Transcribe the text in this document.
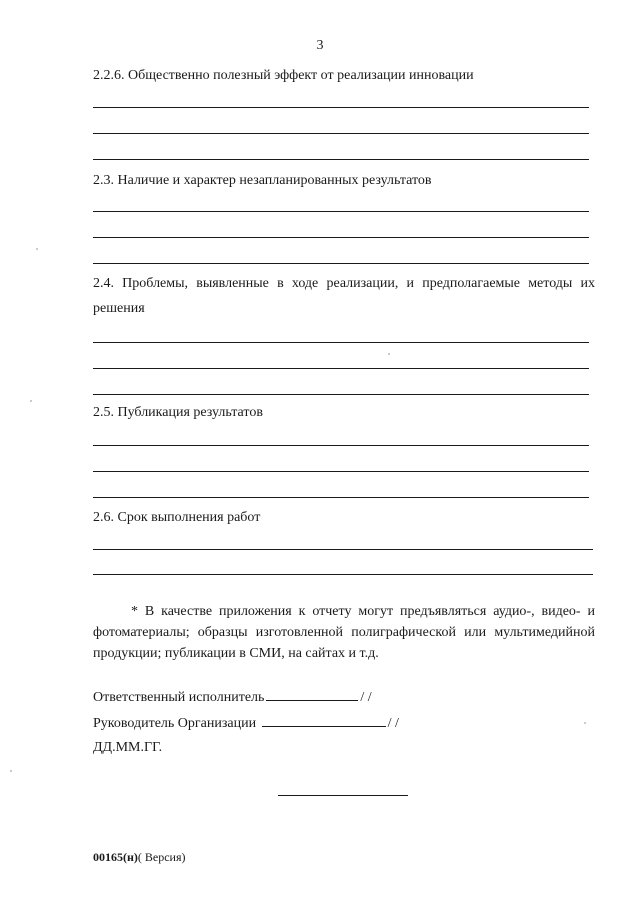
3
2.2.6. Общественно полезный эффект от реализации инновации
2.3. Наличие и характер незапланированных результатов
2.4. Проблемы, выявленные в ходе реализации, и предполагаемые методы их решения
2.5. Публикация результатов
2.6. Срок выполнения работ
* В качестве приложения к отчету могут предъявляться аудио-, видео- и фотоматериалы; образцы изготовленной полиграфической или мультимедийной продукции; публикации в СМИ, на сайтах и т.д.
Ответственный исполнитель	/ /
Руководитель Организации	/ /
ДД.ММ.ГГ.
00165(н)( Версия)
